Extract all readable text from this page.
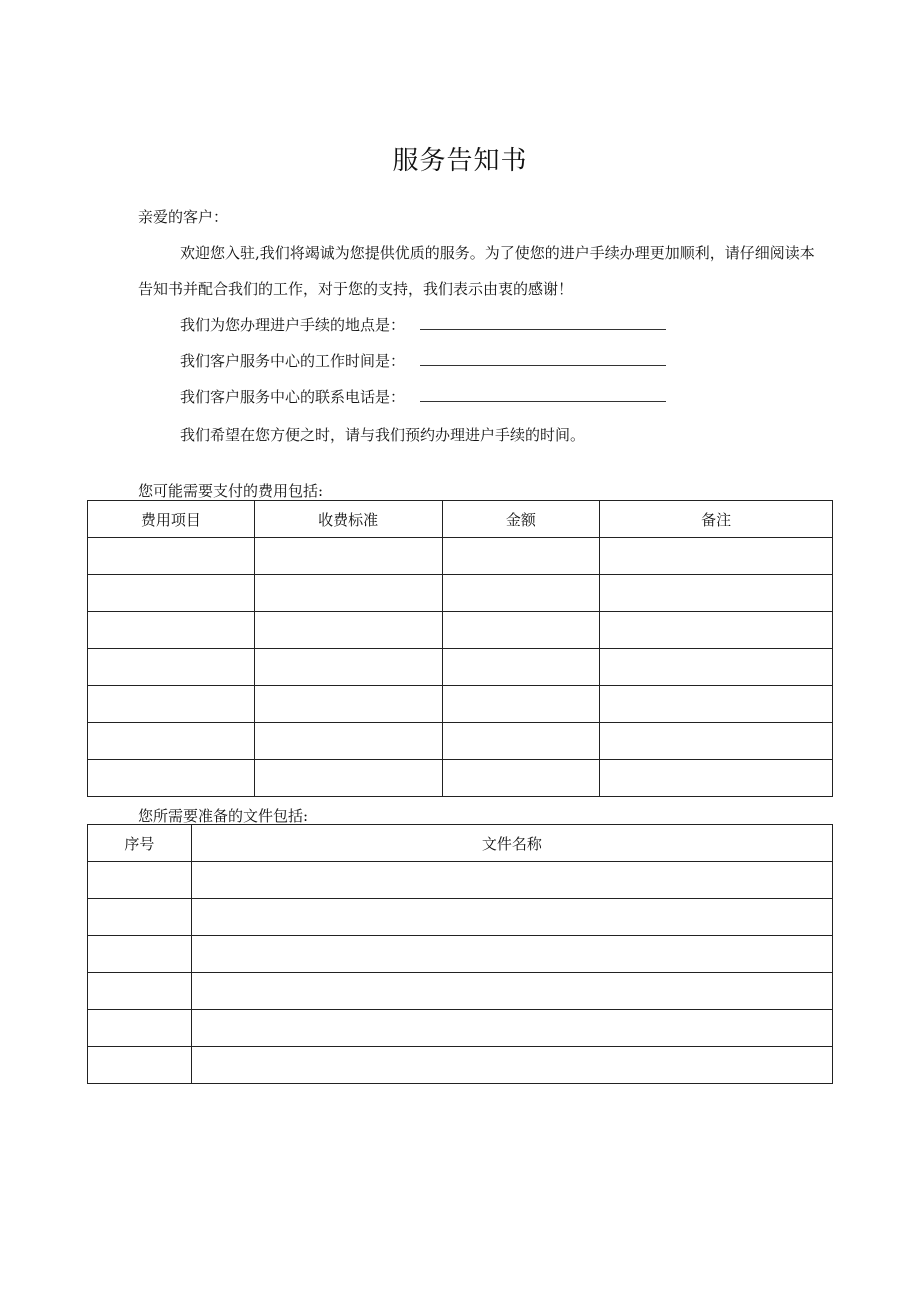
服务告知书
亲爱的客户：
欢迎您入驻,我们将竭诚为您提供优质的服务。为了使您的进户手续办理更加顺利，请仔细阅读本
告知书并配合我们的工作，对于您的支持，我们表示由衷的感谢！
我们为您办理进户手续的地点是：
我们客户服务中心的工作时间是：
我们客户服务中心的联系电话是：
我们希望在您方便之时，请与我们预约办理进户手续的时间。
您可能需要支付的费用包括:
费用项目	收费标准	金额	备注

您所需要准备的文件包括:
序号	文件名称
